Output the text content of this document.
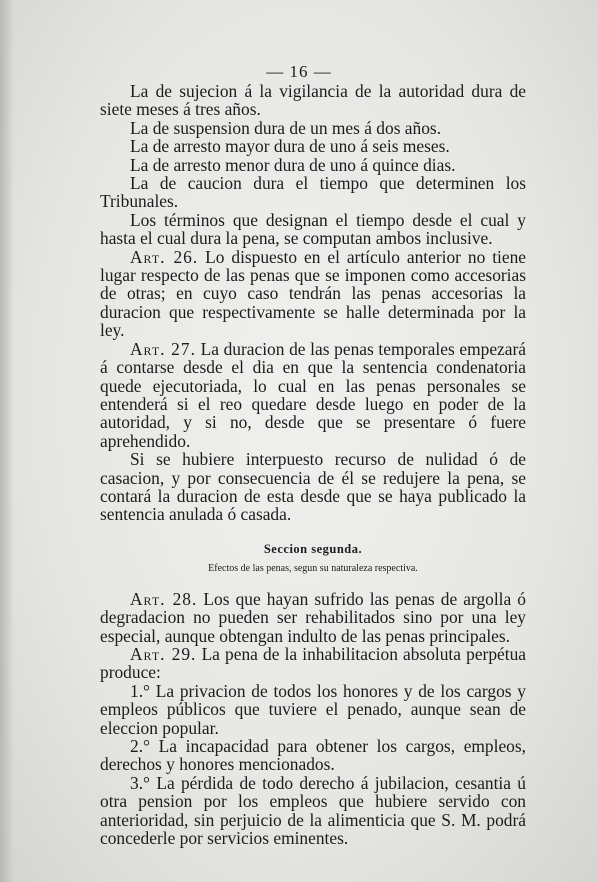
— 16 —

La de sujecion á la vigilancia de la autoridad dura de siete meses á tres años.

La de suspension dura de un mes á dos años.

La de arresto mayor dura de uno á seis meses.

La de arresto menor dura de uno á quince dias.

La de caucion dura el tiempo que determinen los Tribunales.

Los términos que designan el tiempo desde el cual y hasta el cual dura la pena, se computan ambos inclusive.

Art. 26. Lo dispuesto en el artículo anterior no tiene lugar respecto de las penas que se imponen como accesorias de otras; en cuyo caso tendrán las penas accesorias la duracion que respectivamente se halle determinada por la ley.

Art. 27. La duracion de las penas temporales empezará á contarse desde el dia en que la sentencia condenatoria quede ejecutoriada, lo cual en las penas personales se entenderá si el reo quedare desde luego en poder de la autoridad, y si no, desde que se presentare ó fuere aprehendido.

Si se hubiere interpuesto recurso de nulidad ó de casacion, y por consecuencia de él se redujere la pena, se contará la duracion de esta desde que se haya publicado la sentencia anulada ó casada.

Seccion segunda.

Efectos de las penas, segun su naturaleza respectiva.

Art. 28. Los que hayan sufrido las penas de argolla ó degradacion no pueden ser rehabilitados sino por una ley especial, aunque obtengan indulto de las penas principales.

Art. 29. La pena de la inhabilitacion absoluta perpétua produce:

1.° La privacion de todos los honores y de los cargos y empleos públicos que tuviere el penado, aunque sean de eleccion popular.

2.° La incapacidad para obtener los cargos, empleos, derechos y honores mencionados.

3.° La pérdida de todo derecho á jubilacion, cesantia ú otra pension por los empleos que hubiere servido con anterioridad, sin perjuicio de la alimenticia que S. M. podrá concederle por servicios eminentes.
